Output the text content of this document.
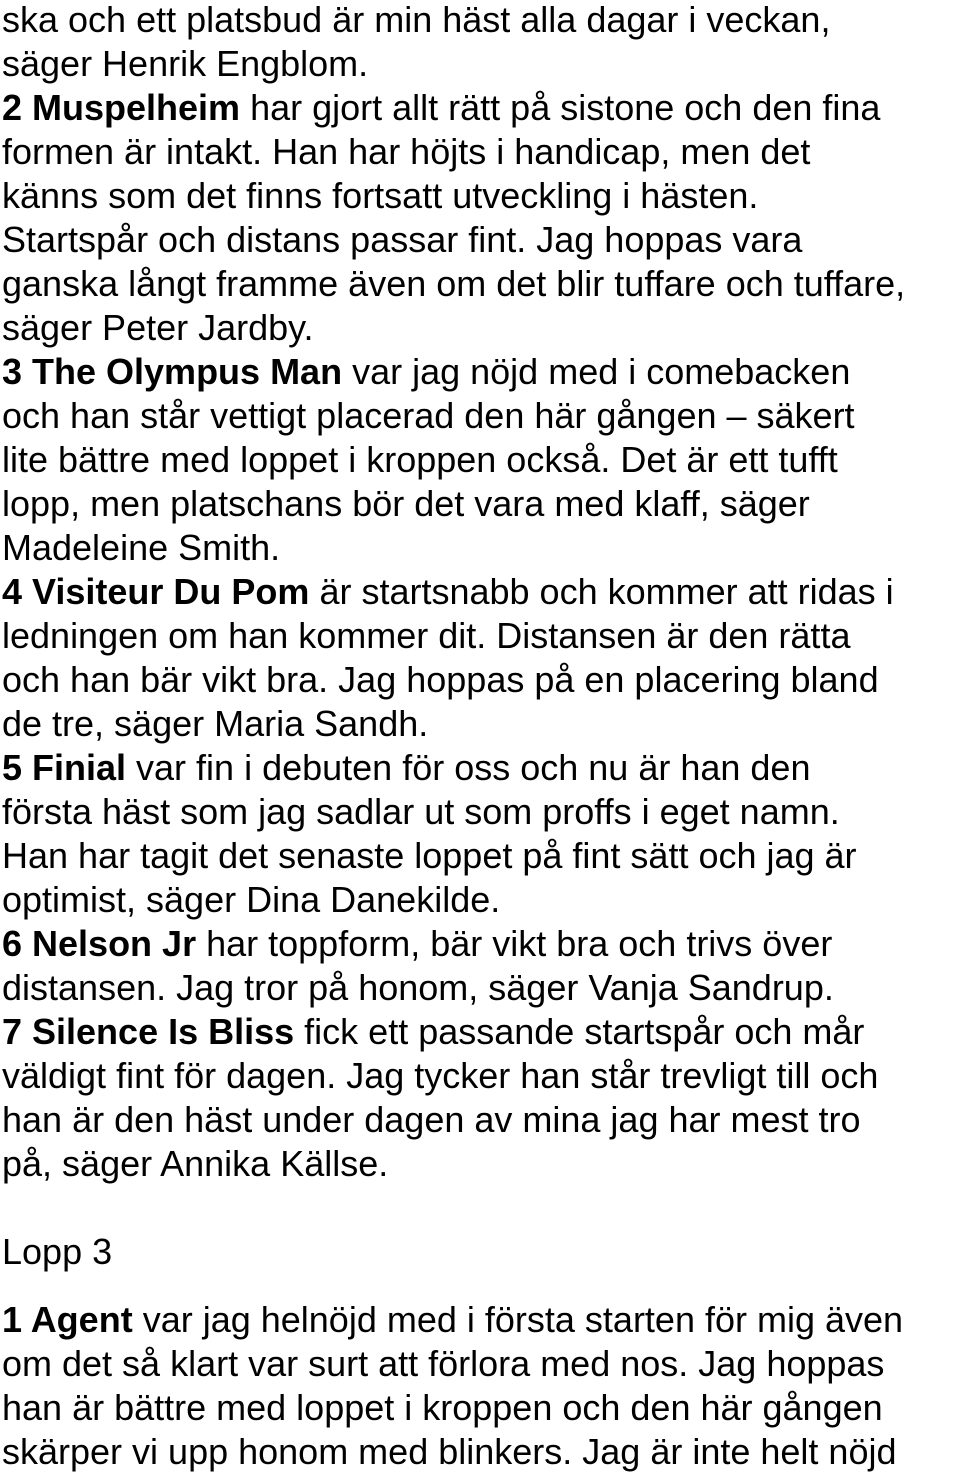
ska och ett platsbud är min häst alla dagar i veckan,
säger Henrik Engblom.
2 Muspelheim har gjort allt rätt på sistone och den fina
formen är intakt. Han har höjts i handicap, men det
känns som det finns fortsatt utveckling i hästen.
Startspår och distans passar fint. Jag hoppas vara
ganska långt framme även om det blir tuffare och tuffare,
säger Peter Jardby.
3 The Olympus Man var jag nöjd med i comebacken
och han står vettigt placerad den här gången – säkert
lite bättre med loppet i kroppen också. Det är ett tufft
lopp, men platschans bör det vara med klaff, säger
Madeleine Smith.
4 Visiteur Du Pom är startsnabb och kommer att ridas i
ledningen om han kommer dit. Distansen är den rätta
och han bär vikt bra. Jag hoppas på en placering bland
de tre, säger Maria Sandh.
5 Finial var fin i debuten för oss och nu är han den
första häst som jag sadlar ut som proffs i eget namn.
Han har tagit det senaste loppet på fint sätt och jag är
optimist, säger Dina Danekilde.
6 Nelson Jr har toppform, bär vikt bra och trivs över
distansen. Jag tror på honom, säger Vanja Sandrup.
7 Silence Is Bliss fick ett passande startspår och mår
väldigt fint för dagen. Jag tycker han står trevligt till och
han är den häst under dagen av mina jag har mest tro
på, säger Annika Källse.
Lopp 3
1 Agent var jag helnöjd med i första starten för mig även
om det så klart var surt att förlora med nos. Jag hoppas
han är bättre med loppet i kroppen och den här gången
skärper vi upp honom med blinkers. Jag är inte helt nöjd
